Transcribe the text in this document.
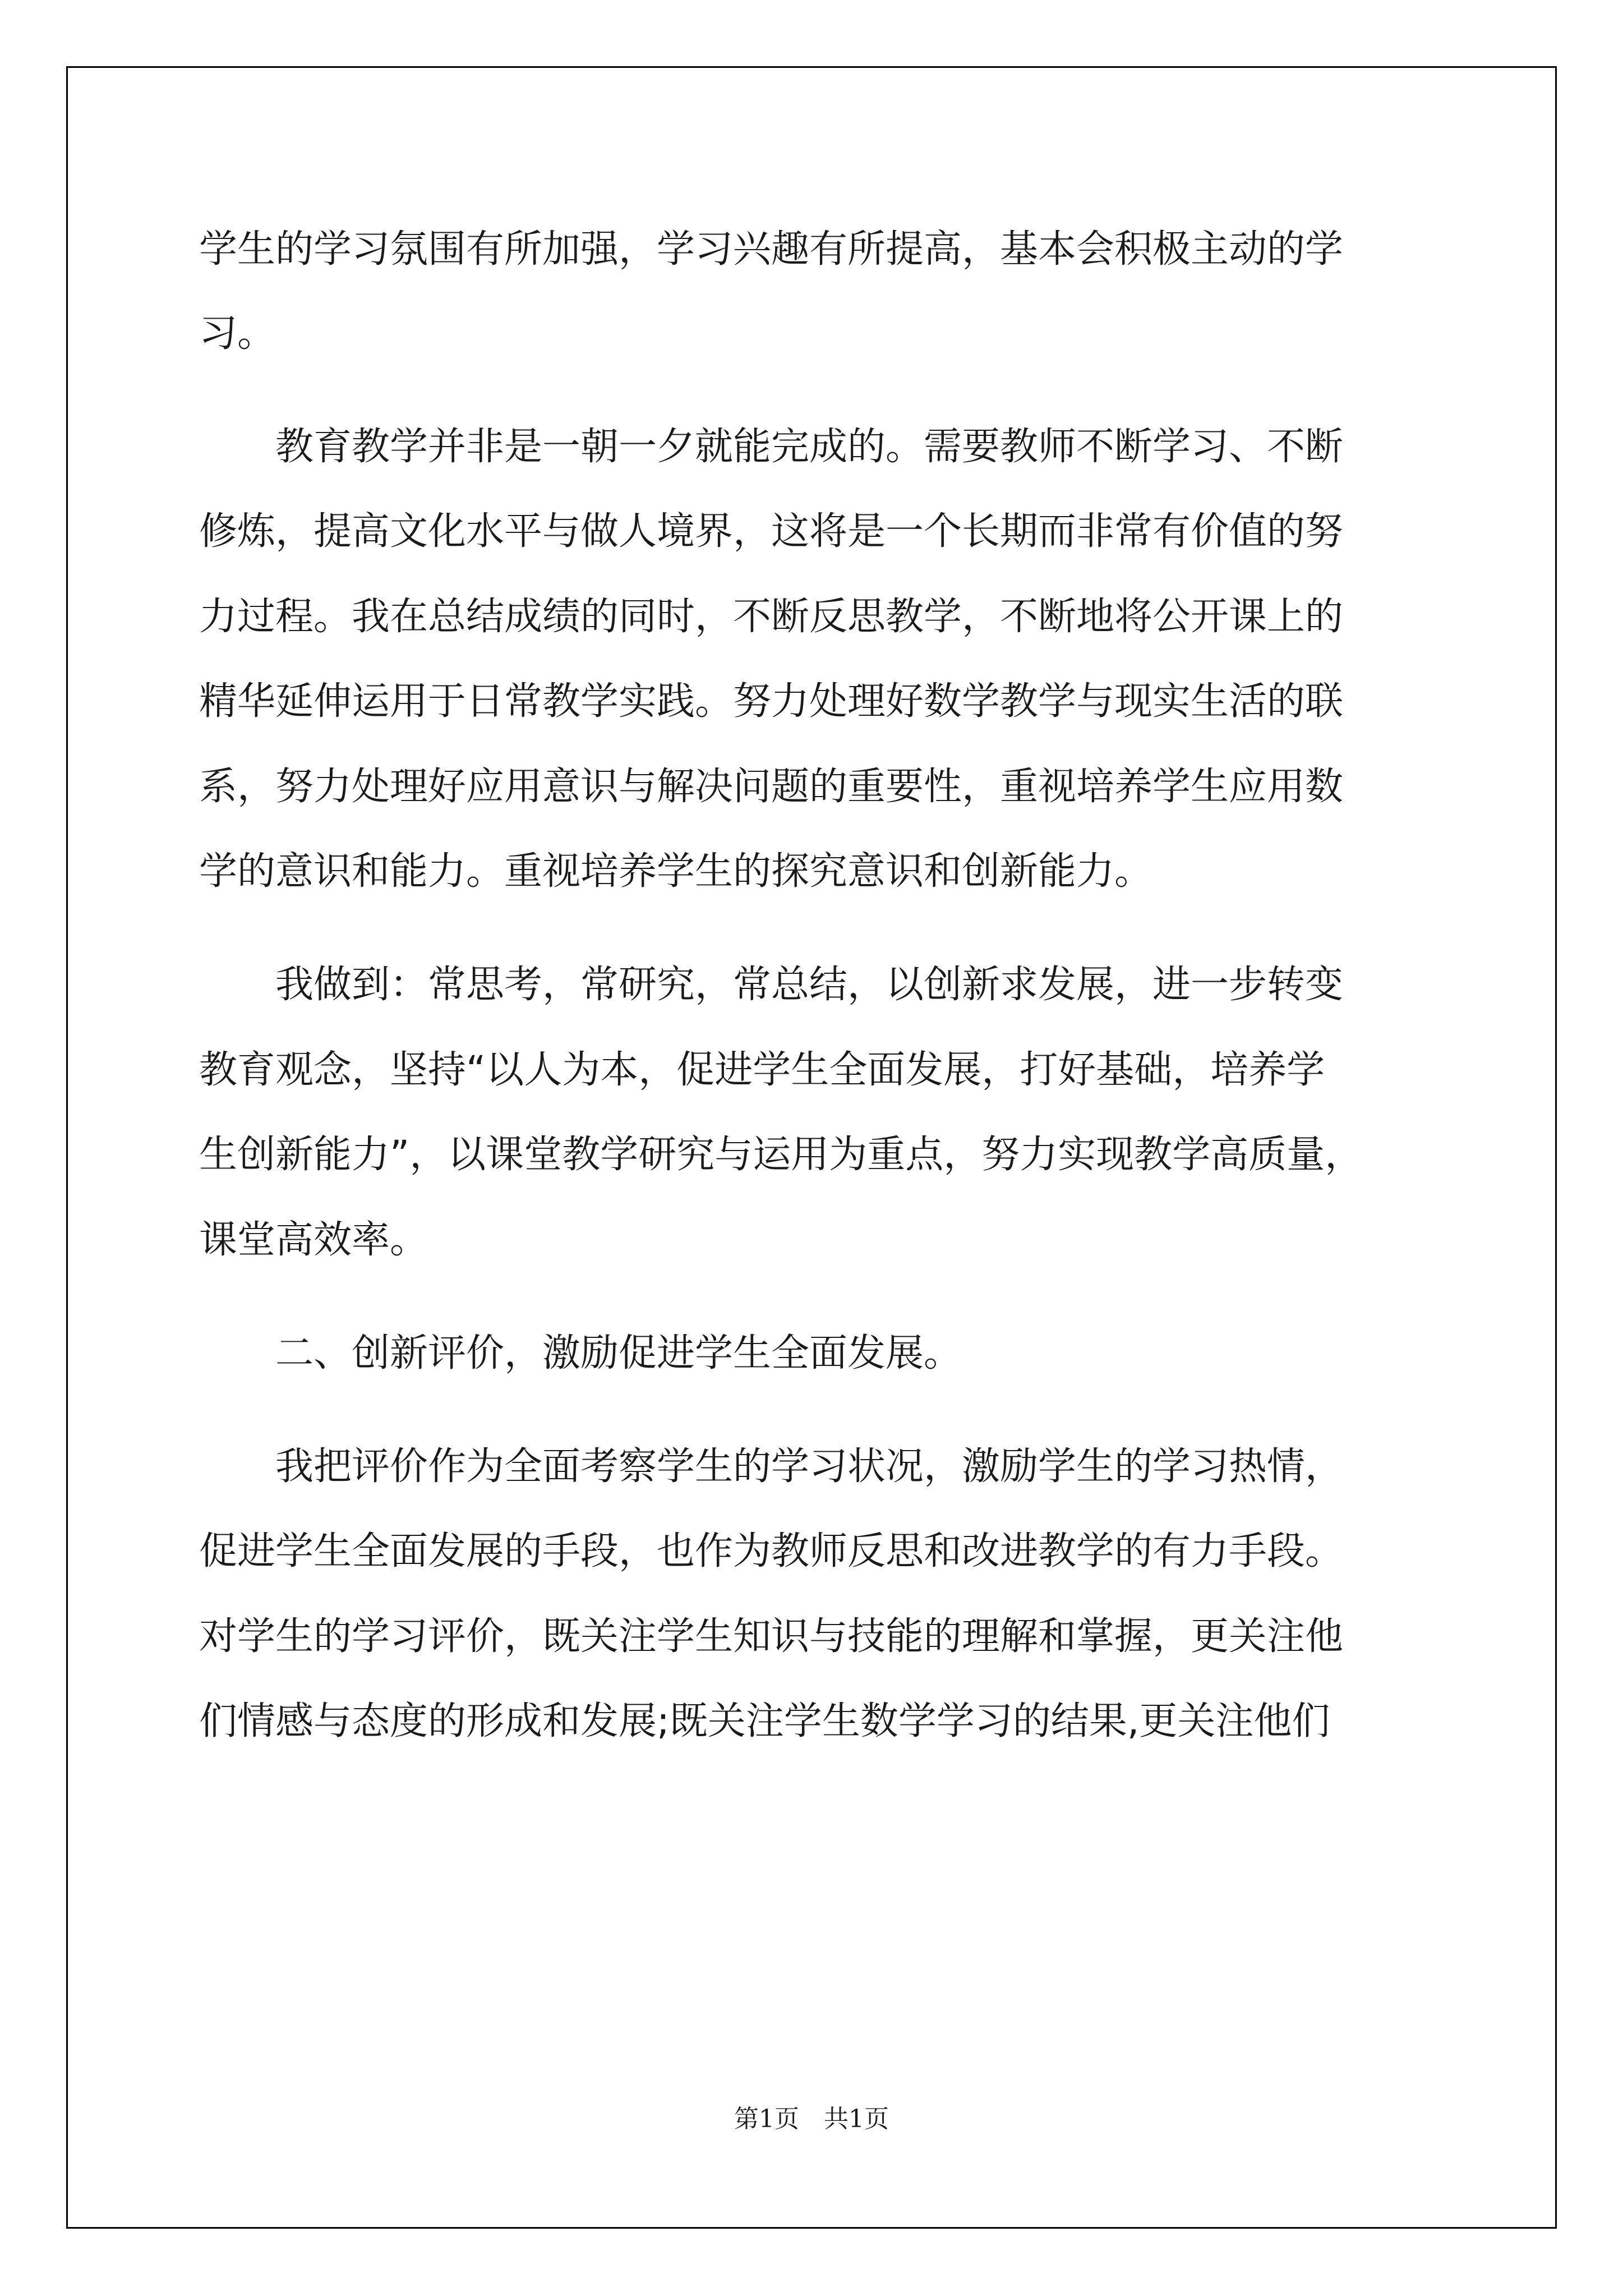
学生的学习氛围有所加强，学习兴趣有所提高，基本会积极主动的学
习。
　　教育教学并非是一朝一夕就能完成的。需要教师不断学习、不断
修炼，提高文化水平与做人境界，这将是一个长期而非常有价值的努
力过程。我在总结成绩的同时，不断反思教学，不断地将公开课上的
精华延伸运用于日常教学实践。努力处理好数学教学与现实生活的联
系，努力处理好应用意识与解决问题的重要性，重视培养学生应用数
学的意识和能力。重视培养学生的探究意识和创新能力。
　　我做到：常思考，常研究，常总结，以创新求发展，进一步转变
教育观念，坚持“以人为本，促进学生全面发展，打好基础，培养学
生创新能力”，以课堂教学研究与运用为重点，努力实现教学高质量，
课堂高效率。
　　二、创新评价，激励促进学生全面发展。
　　我把评价作为全面考察学生的学习状况，激励学生的学习热情，
促进学生全面发展的手段，也作为教师反思和改进教学的有力手段。
对学生的学习评价，既关注学生知识与技能的理解和掌握，更关注他
们情感与态度的形成和发展;既关注学生数学学习的结果,更关注他们
第1页　共1页
